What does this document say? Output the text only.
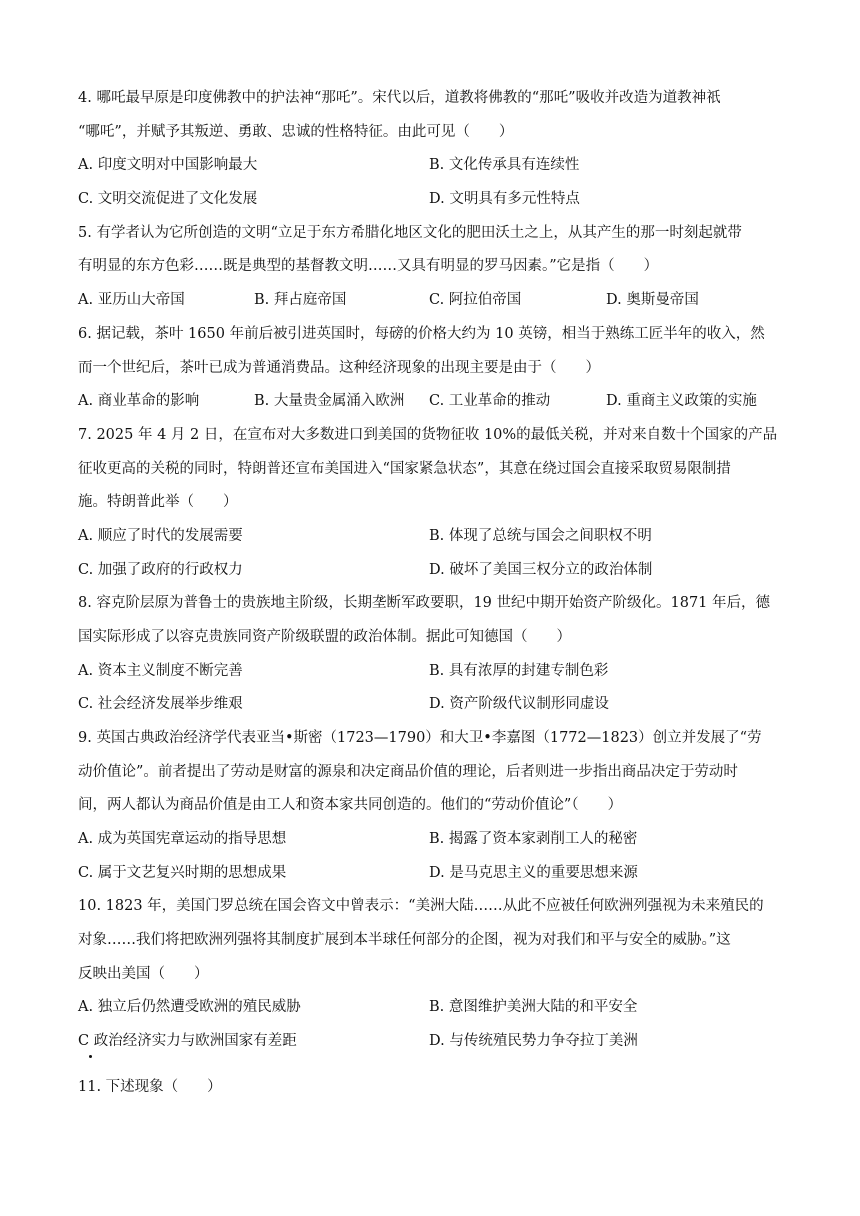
4. 哪吒最早原是印度佛教中的护法神“那吒”。宋代以后，道教将佛教的“那吒”吸收并改造为道教神祇
“哪吒”，并赋予其叛逆、勇敢、忠诚的性格特征。由此可见（　　）
A. 印度文明对中国影响最大	B. 文化传承具有连续性
C. 文明交流促进了文化发展	D. 文明具有多元性特点
5. 有学者认为它所创造的文明“立足于东方希腊化地区文化的肥田沃土之上，从其产生的那一时刻起就带
有明显的东方色彩……既是典型的基督教文明……又具有明显的罗马因素。”它是指（　　）
A. 亚历山大帝国	B. 拜占庭帝国	C. 阿拉伯帝国	D. 奥斯曼帝国
6. 据记载，茶叶 1650 年前后被引进英国时，每磅的价格大约为 10 英镑，相当于熟练工匠半年的收入，然
而一个世纪后，茶叶已成为普通消费品。这种经济现象的出现主要是由于（　　）
A. 商业革命的影响	B. 大量贵金属涌入欧洲 C. 工业革命的推动	D. 重商主义政策的实施
7. 2025 年 4 月 2 日，在宣布对大多数进口到美国的货物征收 10%的最低关税，并对来自数十个国家的产品
征收更高的关税的同时，特朗普还宣布美国进入“国家紧急状态”，其意在绕过国会直接采取贸易限制措
施。特朗普此举（　　）
A. 顺应了时代的发展需要	B. 体现了总统与国会之间职权不明
C. 加强了政府的行政权力	D. 破坏了美国三权分立的政治体制
8. 容克阶层原为普鲁士的贵族地主阶级，长期垄断军政要职，19 世纪中期开始资产阶级化。1871 年后，德
国实际形成了以容克贵族同资产阶级联盟的政治体制。据此可知德国（　　）
A. 资本主义制度不断完善	B. 具有浓厚的封建专制色彩
C. 社会经济发展举步维艰	D. 资产阶级代议制形同虚设
9. 英国古典政治经济学代表亚当•斯密（1723—1790）和大卫•李嘉图（1772—1823）创立并发展了“劳
动价值论”。前者提出了劳动是财富的源泉和决定商品价值的理论，后者则进一步指出商品决定于劳动时
间，两人都认为商品价值是由工人和资本家共同创造的。他们的“劳动价值论”（　　）
A. 成为英国宪章运动的指导思想	B. 揭露了资本家剥削工人的秘密
C. 属于文艺复兴时期的思想成果	D. 是马克思主义的重要思想来源
10. 1823 年，美国门罗总统在国会咨文中曾表示：“美洲大陆……从此不应被任何欧洲列强视为未来殖民的
对象……我们将把欧洲列强将其制度扩展到本半球任何部分的企图，视为对我们和平与安全的威胁。”这
反映出美国（　　）
A. 独立后仍然遭受欧洲的殖民威胁	B. 意图维护美洲大陆的和平安全
C 政治经济实力与欧洲国家有差距	D. 与传统殖民势力争夺拉丁美洲
11. 下述现象（　　）
